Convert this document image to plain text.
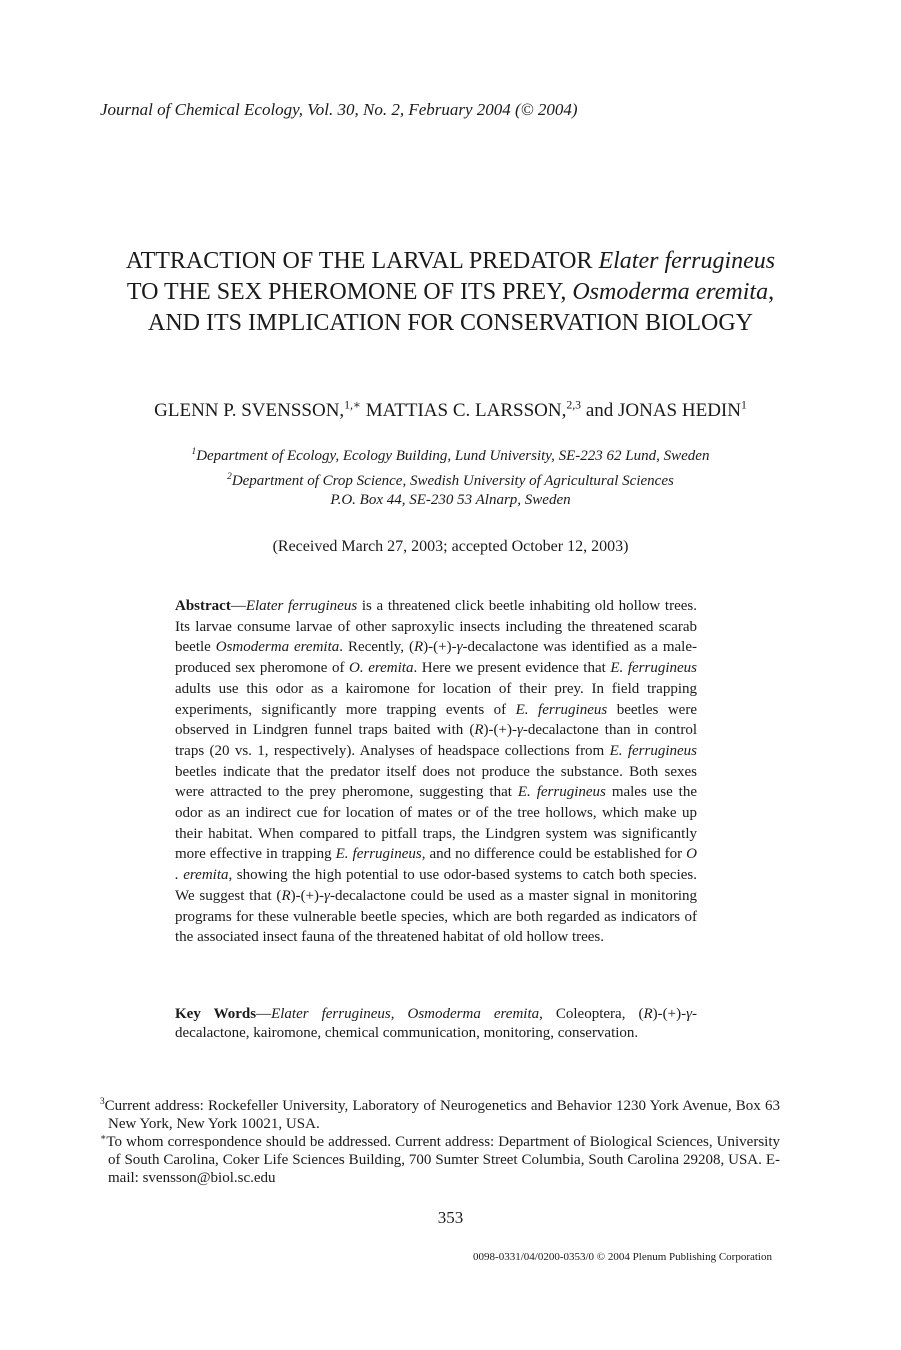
Journal of Chemical Ecology, Vol. 30, No. 2, February 2004 (© 2004)
ATTRACTION OF THE LARVAL PREDATOR Elater ferrugineus
TO THE SEX PHEROMONE OF ITS PREY, Osmoderma eremita,
AND ITS IMPLICATION FOR CONSERVATION BIOLOGY
GLENN P. SVENSSON,$^{1,∗}$ MATTIAS C. LARSSON,$^{2,3}$ and JONAS HEDIN$^1$
$^1$Department of Ecology, Ecology Building, Lund University, SE-223 62 Lund, Sweden
$^2$Department of Crop Science, Swedish University of Agricultural Sciences
P.O. Box 44, SE-230 53 Alnarp, Sweden
(Received March 27, 2003; accepted October 12, 2003)
Abstract—Elater ferrugineus is a threatened click beetle inhabiting old hollow trees. Its larvae consume larvae of other saproxylic insects including the threatened scarab beetle Osmoderma eremita. Recently, (R)-(+)-γ-decalactone was identified as a male-produced sex pheromone of O. eremita. Here we present evidence that E. ferrugineus adults use this odor as a kairomone for location of their prey. In field trapping experiments, significantly more trapping events of E. ferrugineus beetles were observed in Lindgren funnel traps baited with (R)-(+)-γ-decalactone than in control traps (20 vs. 1, respectively). Analyses of headspace collections from E. ferrugineus beetles indicate that the predator itself does not produce the substance. Both sexes were attracted to the prey pheromone, suggesting that E. ferrugineus males use the odor as an indirect cue for location of mates or of the tree hollows, which make up their habitat. When compared to pitfall traps, the Lindgren system was significantly more effective in trapping E. ferrugineus, and no difference could be established for O . eremita, showing the high potential to use odor-based systems to catch both species. We suggest that (R)-(+)-γ-decalactone could be used as a master signal in monitoring programs for these vulnerable beetle species, which are both regarded as indicators of the associated insect fauna of the threatened habitat of old hollow trees.
Key Words—Elater ferrugineus, Osmoderma eremita, Coleoptera, (R)-(+)-γ-decalactone, kairomone, chemical communication, monitoring, conservation.
$^3$Current address: Rockefeller University, Laboratory of Neurogenetics and Behavior 1230 York Avenue, Box 63 New York, New York 10021, USA.
∗To whom correspondence should be addressed. Current address: Department of Biological Sciences, University of South Carolina, Coker Life Sciences Building, 700 Sumter Street Columbia, South Carolina 29208, USA. E-mail: svensson@biol.sc.edu
353
0098-0331/04/0200-0353/0 © 2004 Plenum Publishing Corporation
